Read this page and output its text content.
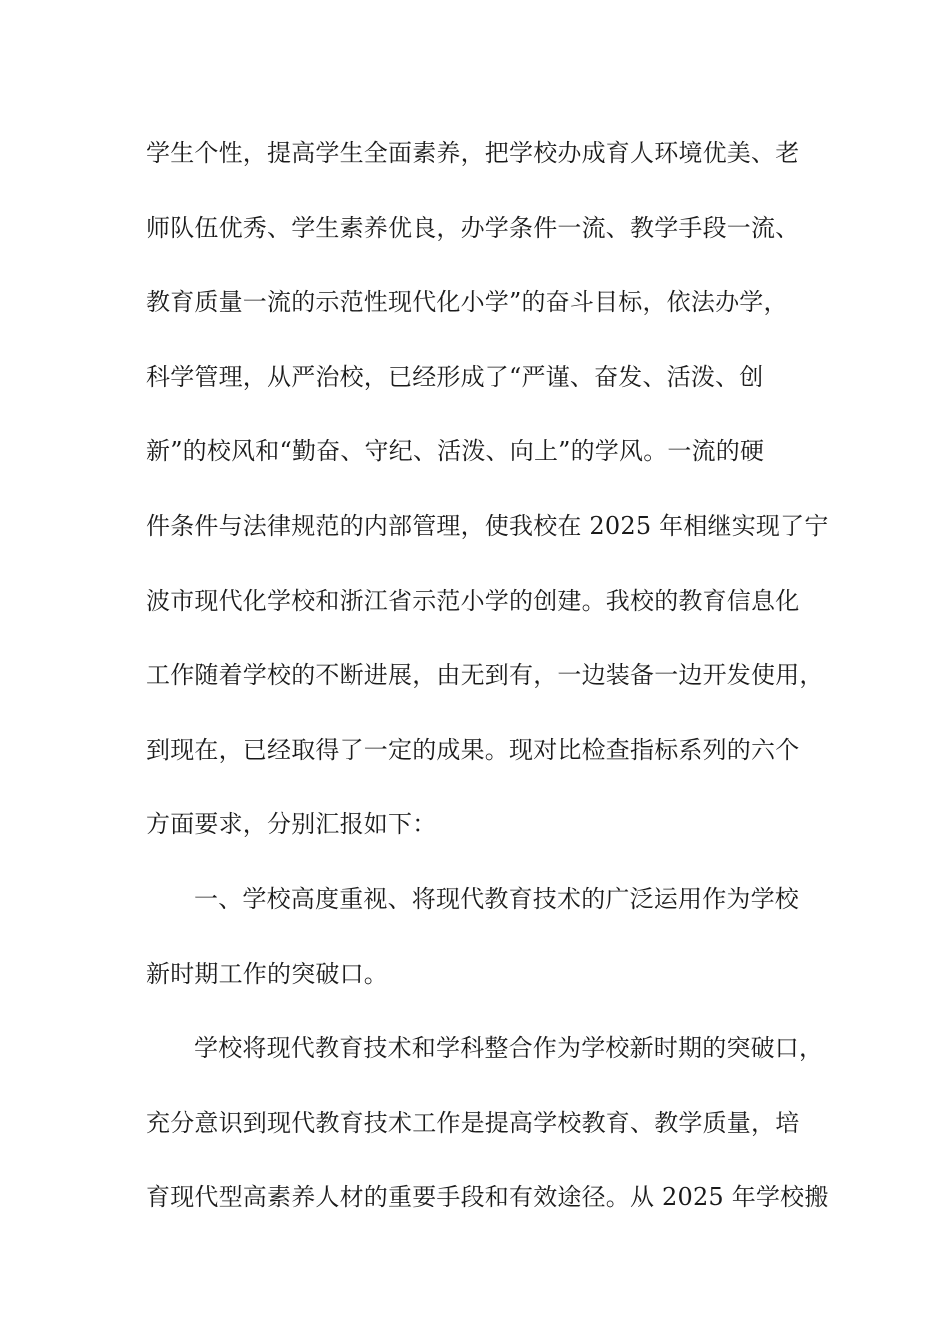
学生个性，提高学生全面素养，把学校办成育人环境优美、老
师队伍优秀、学生素养优良，办学条件一流、教学手段一流、
教育质量一流的示范性现代化小学”的奋斗目标，依法办学，
科学管理，从严治校，已经形成了“严谨、奋发、活泼、创
新”的校风和“勤奋、守纪、活泼、向上”的学风。一流的硬
件条件与法律规范的内部管理，使我校在 2025 年相继实现了宁
波市现代化学校和浙江省示范小学的创建。我校的教育信息化
工作随着学校的不断进展，由无到有，一边装备一边开发使用，
到现在，已经取得了一定的成果。现对比检查指标系列的六个
方面要求，分别汇报如下：
一、学校高度重视、将现代教育技术的广泛运用作为学校
新时期工作的突破口。
学校将现代教育技术和学科整合作为学校新时期的突破口，
充分意识到现代教育技术工作是提高学校教育、教学质量，培
育现代型高素养人材的重要手段和有效途径。从 2025 年学校搬
